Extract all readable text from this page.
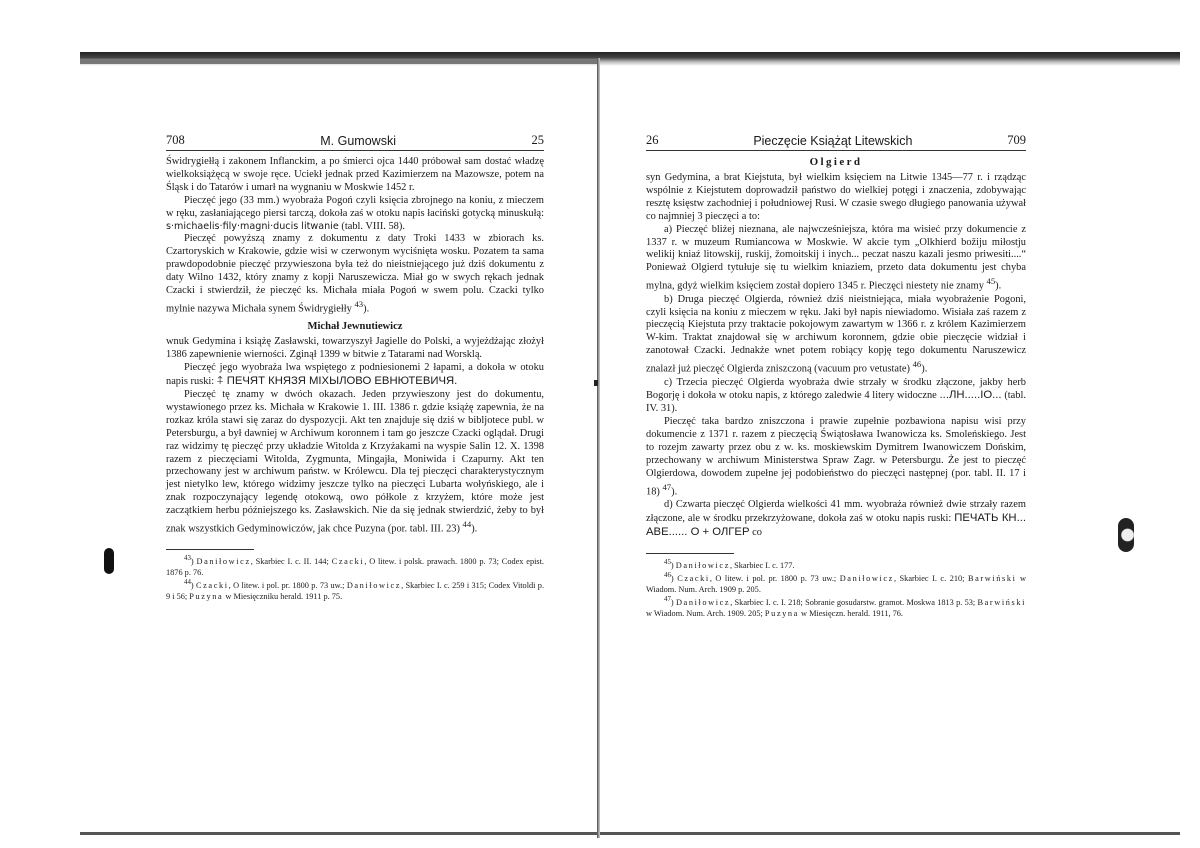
708	M. Gumowski	25

Świdrygiełłą i zakonem Inflanckim, a po śmierci ojca 1440 próbował sam dostać władzę wielkoksiążęcą w swoje ręce. Uciekł jednak przed Kazimierzem na Mazowsze, potem na Śląsk i do Tatarów i umarł na wygnaniu w Moskwie 1452 r.

Pieczęć jego (33 mm.) wyobraża Pogoń czyli księcia zbrojnego na koniu, z mieczem w ręku, zasłaniającego piersi tarczą, dokoła zaś w otoku napis łaciński gotycką minuskułą: s·michaelis·fily·magni·ducis litwanie (tabl. VIII. 58).

Pieczęć powyższą znamy z dokumentu z daty Troki 1433 w zbiorach ks. Czartoryskich w Krakowie, gdzie wisi w czerwonym wyciśnięta wosku. Pozatem ta sama prawdopodobnie pieczęć przywieszona była też do nieistniejącego już dziś dokumentu z daty Wilno 1432, który znamy z kopji Naruszewicza. Miał go w swych rękach jednak Czacki i stwierdził, że pieczęć ks. Michała miała Pogoń w swem polu. Czacki tylko mylnie nazywa Michała synem Świdrygiełły $^{43}$).

Michał Jewnutiewicz

wnuk Gedymina i książę Zasławski, towarzyszył Jagielle do Polski, a wyjeżdżając złożył 1386 zapewnienie wierności. Zginął 1399 w bitwie z Tatarami nad Worsklą.

Pieczęć jego wyobraża lwa wspiętego z podniesionemi 2 łapami, a dokoła w otoku napis ruski: ⍏ ПЕЧЯТ КНЯЗЯ МІХЫЛОВО ЕВНЮТЕВИЧЯ.

Pieczęć tę znamy w dwóch okazach. Jeden przywieszony jest do dokumentu, wystawionego przez ks. Michała w Krakowie 1. III. 1386 r. gdzie książę zapewnia, że na rozkaz króla stawi się zaraz do dyspozycji. Akt ten znajduje się dziś w bibljotece publ. w Petersburgu, a był dawniej w Archiwum koronnem i tam go jeszcze Czacki oglądał. Drugi raz widzimy tę pieczęć przy układzie Witolda z Krzyżakami na wyspie Salin 12. X. 1398 razem z pieczęciami Witolda, Zygmunta, Mingajła, Moniwida i Czapurny. Akt ten przechowany jest w archiwum państw. w Królewcu. Dla tej pieczęci charakterystycznym jest nietylko lew, którego widzimy jeszcze tylko na pieczęci Lubarta wołyńskiego, ale i znak rozpoczynający legendę otokową, owo półkole z krzyżem, które może jest zaczątkiem herbu późniejszego ks. Zasławskich. Nie da się jednak stwierdzić, żeby to był znak wszystkich Gedyminowiczów, jak chce Puzyna (por. tabl. III. 23) $^{44}$).

$^{43}$) Daniłowicz, Skarbiec I. c. II. 144; Czacki, O litew. i polsk. prawach. 1800 p. 73; Codex epist. 1876 p. 76.

$^{44}$) Czacki, O litew. i pol. pr. 1800 p. 73 uw.; Daniłowicz, Skarbiec I. c. 259 i 315; Codex Vitoldi p. 9 i 56; Puzyna w Miesięczniku herald. 1911 p. 75.

26	Pieczęcie Książąt Litewskich	709
Olgierd

syn Gedymina, a brat Kiejstuta, był wielkim księciem na Litwie 1345—77 r. i rządząc wspólnie z Kiejstutem doprowadził państwo do wielkiej potęgi i znaczenia, zdobywając resztę księstw zachodniej i południowej Rusi. W czasie swego długiego panowania używał co najmniej 3 pieczęci a to:

a) Pieczęć bliżej nieznana, ale najwcześniejsza, która ma wisieć przy dokumencie z 1337 r. w muzeum Rumiancowa w Moskwie. W akcie tym „Olkhierd božiju miłostju welikij kniaź litowskij, ruskij, žomoitskij i inych... peczat naszu kazali jesmo priwesiti....“ Ponieważ Olgierd tytułuje się tu wielkim kniaziem, przeto data dokumentu jest chyba mylna, gdyż wielkim księciem został dopiero 1345 r. Pieczęci niestety nie znamy $^{45}$).

b) Druga pieczęć Olgierda, również dziś nieistniejąca, miała wyobrażenie Pogoni, czyli księcia na koniu z mieczem w ręku. Jaki był napis niewiadomo. Wisiała zaś razem z pieczęcią Kiejstuta przy traktacie pokojowym zawartym w 1366 r. z królem Kazimierzem W-kim. Traktat znajdował się w archiwum koronnem, gdzie obie pieczęcie widział i zanotował Czacki. Jednakże wnet potem robiący kopję tego dokumentu Naruszewicz znalazł już pieczęć Olgierda zniszczoną (vacuum pro vetustate) $^{46}$).

c) Trzecia pieczęć Olgierda wyobraża dwie strzały w środku złączone, jakby herb Bogorję i dokoła w otoku napis, z którego zaledwie 4 litery widoczne ...ЛН.....IО... (tabl. IV. 31).

Pieczęć taka bardzo zniszczona i prawie zupełnie pozbawiona napisu wisi przy dokumencie z 1371 r. razem z pieczęcią Świątosława Iwanowicza ks. Smoleńskiego. Jest to rozejm zawarty przez obu z w. ks. moskiewskim Dymitrem Iwanowiczem Dońskim, przechowany w archiwum Ministerstwa Spraw Zagr. w Petersburgu. Że jest to pieczęć Olgierdowa, dowodem zupełne jej podobieństwo do pieczęci następnej (por. tabl. II. 17 i 18) $^{47}$).

d) Czwarta pieczęć Olgierda wielkości 41 mm. wyobraża również dwie strzały razem złączone, ale w środku przekrzyżowane, dokoła zaś w otoku napis ruski: ПЕЧАТЬ КН... АВЕ...... О + ОЛГЕР со

$^{45}$) Daniłowicz, Skarbiec I. c. 177.

$^{46}$) Czacki, O litew. i pol. pr. 1800 p. 73 uw.; Daniłowicz, Skarbiec I. c. 210; Barwiński w Wiadom. Num. Arch. 1909 p. 205.

$^{47}$) Daniłowicz, Skarbiec I. c. I. 218; Sobranie gosudarstw. gramot. Moskwa 1813 p. 53; Barwiński w Wiadom. Num. Arch. 1909. 205; Puzyna w Miesięczn. herald. 1911, 76.
